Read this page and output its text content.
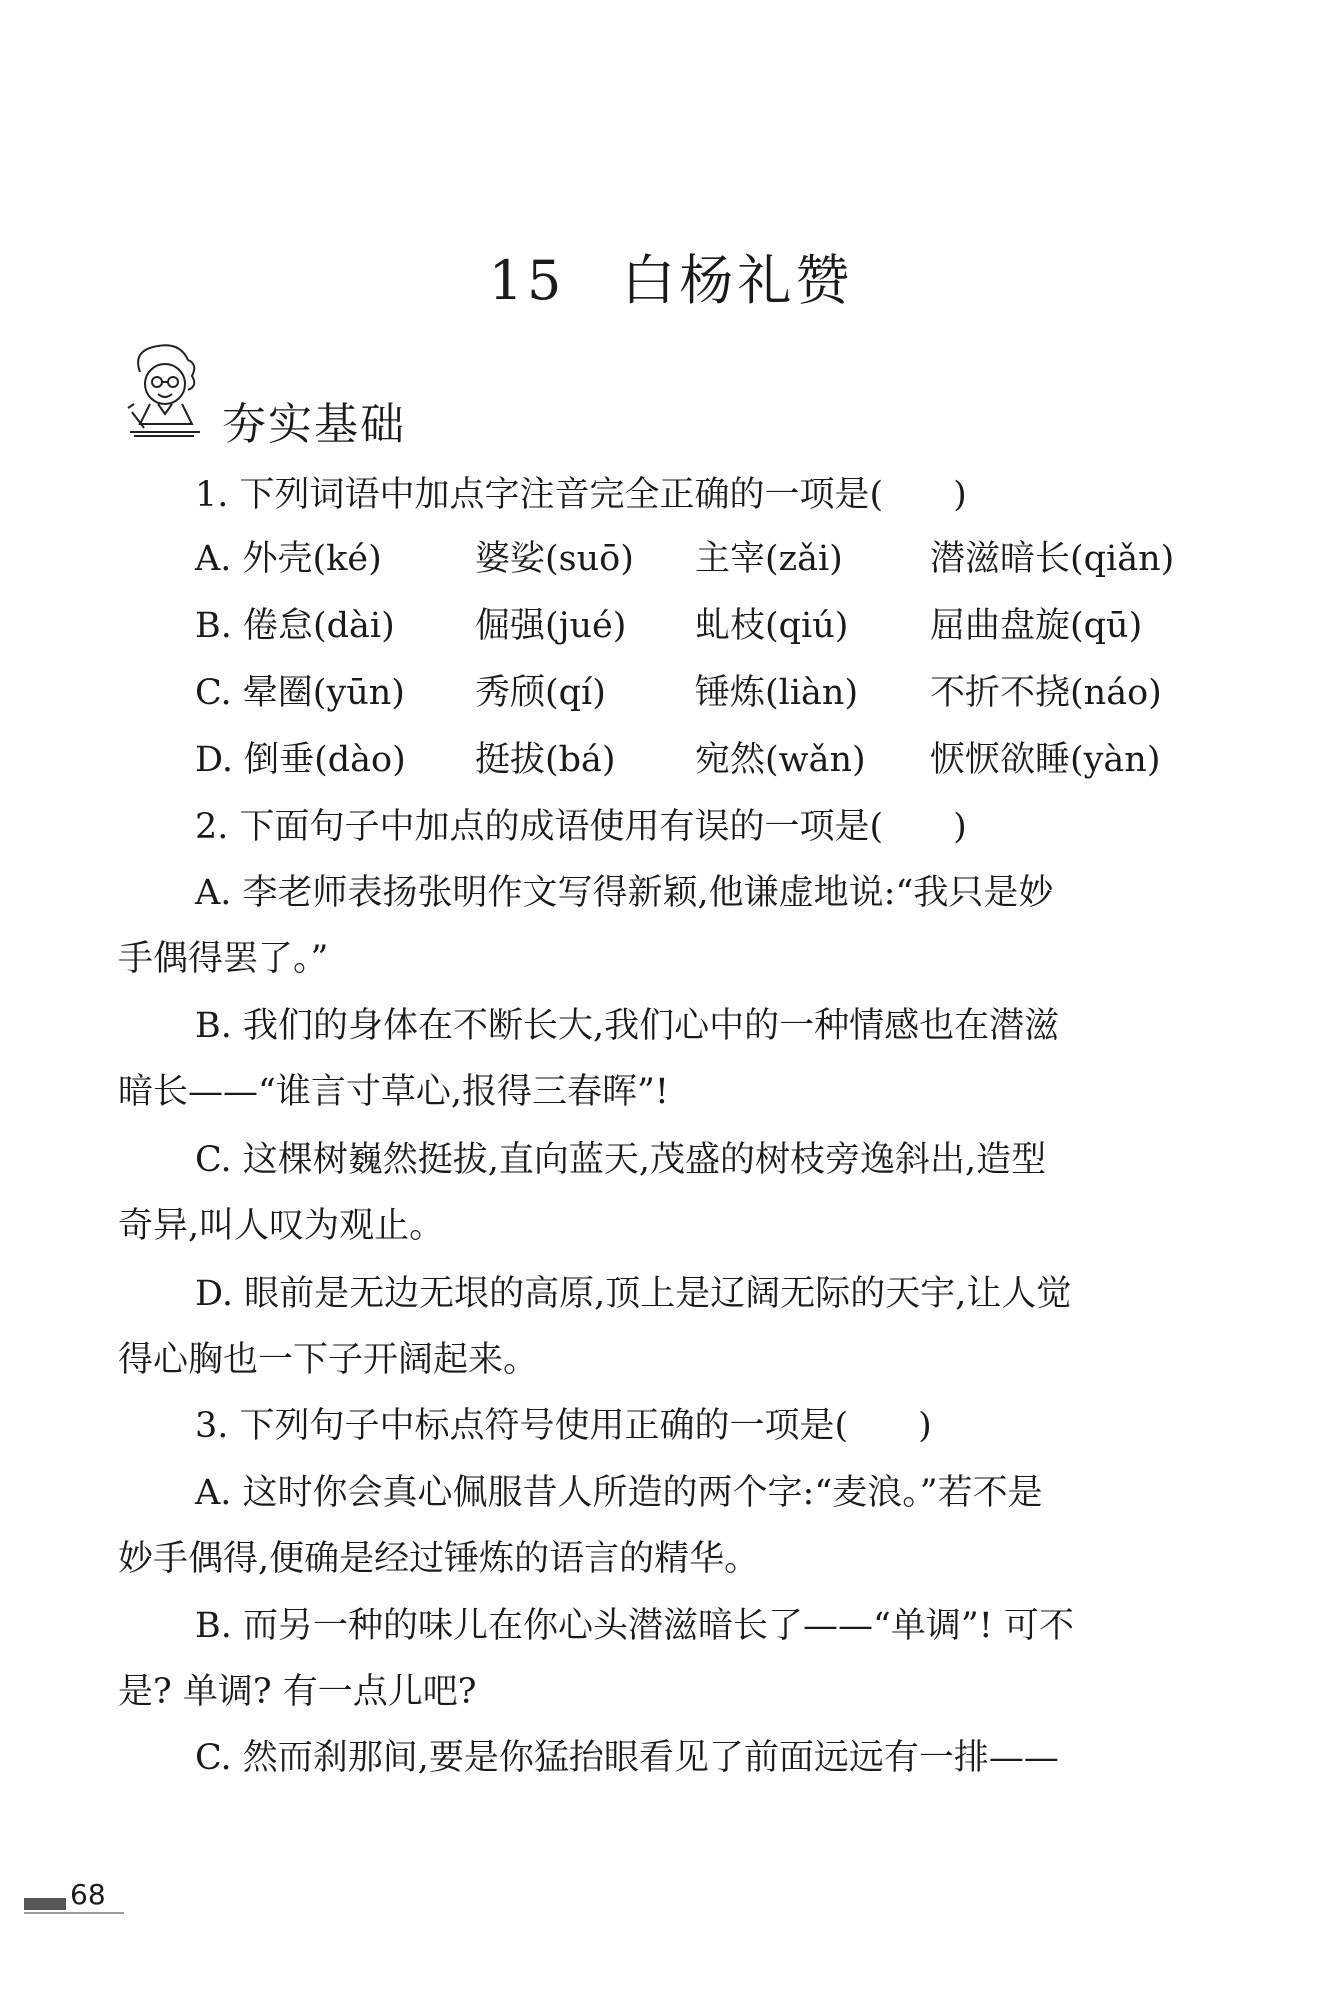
15 白杨礼赞
夯实基础
1. 下列词语中加点字注音完全正确的一项是(　　)
A. 外壳(ké)	婆娑(suō) 主宰(zǎi) 潜滋暗长(qiǎn)
B. 倦怠(dài) 倔强(jué) 虬枝(qiú) 屈曲盘旋(qū)
C. 晕圈(yūn) 秀颀(qí)	锤炼(liàn) 不折不挠(náo)
D. 倒垂(dào) 挺拔(bá) 宛然(wǎn) 恹恹欲睡(yàn)
2. 下面句子中加点的成语使用有误的一项是(　　)
A. 李老师表扬张明作文写得新颖,他谦虚地说:“我只是妙
手偶得罢了。”
B. 我们的身体在不断长大,我们心中的一种情感也在潜滋
暗长——“谁言寸草心,报得三春晖”!
C. 这棵树巍然挺拔,直向蓝天,茂盛的树枝旁逸斜出,造型
奇异,叫人叹为观止。
D. 眼前是无边无垠的高原,顶上是辽阔无际的天宇,让人觉
得心胸也一下子开阔起来。
3. 下列句子中标点符号使用正确的一项是(　　)
A. 这时你会真心佩服昔人所造的两个字:“麦浪。”若不是
妙手偶得,便确是经过锤炼的语言的精华。
B. 而另一种的味儿在你心头潜滋暗长了——“单调”! 可不
是? 单调? 有一点儿吧?
C. 然而刹那间,要是你猛抬眼看见了前面远远有一排——
68
